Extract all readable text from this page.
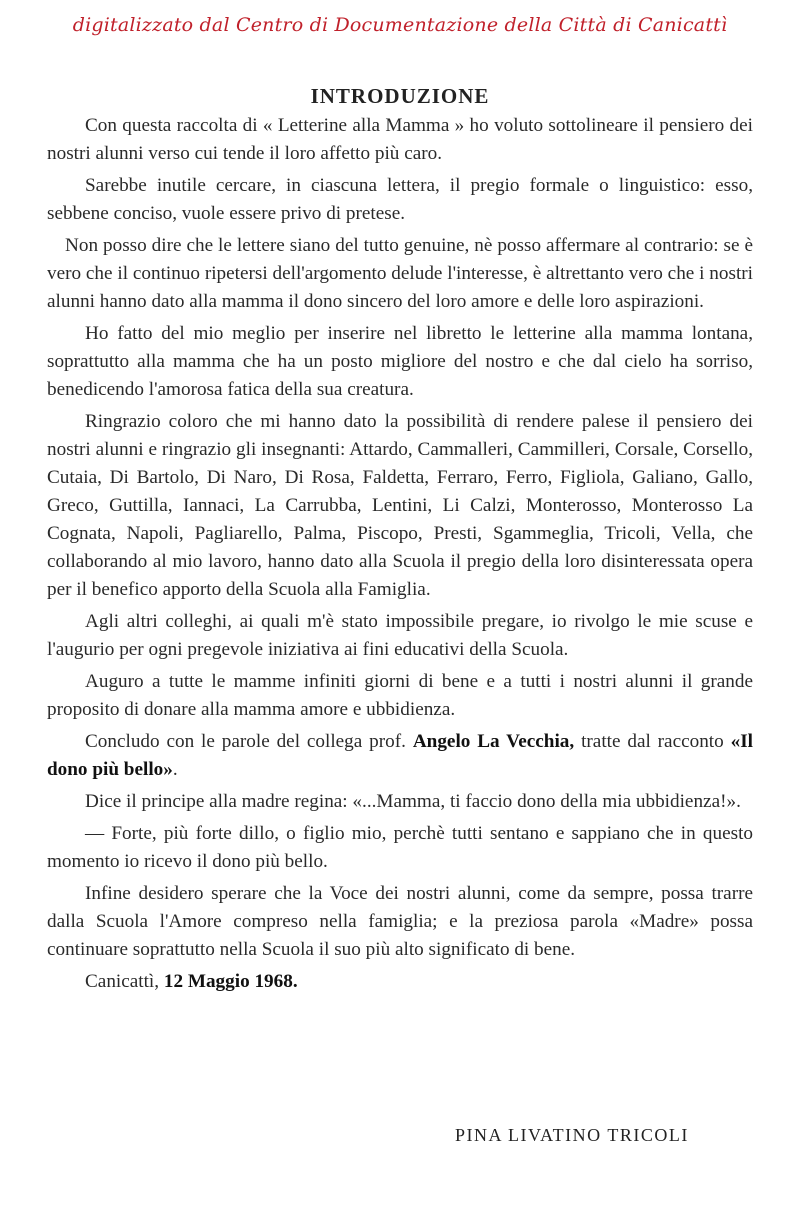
digitalizzato dal Centro di Documentazione della Città di Canicattì
INTRODUZIONE

Con questa raccolta di « Letterine alla Mamma » ho voluto sottolineare il pensiero dei nostri alunni verso cui tende il loro affetto più caro.

Sarebbe inutile cercare, in ciascuna lettera, il pregio formale o linguistico: esso, sebbene conciso, vuole essere privo di pretese.

Non posso dire che le lettere siano del tutto genuine, nè posso affermare al contrario: se è vero che il continuo ripetersi dell'argomento delude l'interesse, è altrettanto vero che i nostri alunni hanno dato alla mamma il dono sincero del loro amore e delle loro aspirazioni.

Ho fatto del mio meglio per inserire nel libretto le letterine alla mamma lontana, soprattutto alla mamma che ha un posto migliore del nostro e che dal cielo ha sorriso, benedicendo l'amorosa fatica della sua creatura.

Ringrazio coloro che mi hanno dato la possibilità di rendere palese il pensiero dei nostri alunni e ringrazio gli insegnanti: Attardo, Cammalleri, Cammilleri, Corsale, Corsello, Cutaia, Di Bartolo, Di Naro, Di Rosa, Faldetta, Ferraro, Ferro, Figliola, Galiano, Gallo, Greco, Guttilla, Iannaci, La Carrubba, Lentini, Li Calzi, Monterosso, Monterosso La Cognata, Napoli, Pagliarello, Palma, Piscopo, Presti, Sgammeglia, Tricoli, Vella, che collaborando al mio lavoro, hanno dato alla Scuola il pregio della loro disinteressata opera per il benefico apporto della Scuola alla Famiglia.

Agli altri colleghi, ai quali m'è stato impossibile pregare, io rivolgo le mie scuse e l'augurio per ogni pregevole iniziativa ai fini educativi della Scuola.

Auguro a tutte le mamme infiniti giorni di bene e a tutti i nostri alunni il grande proposito di donare alla mamma amore e ubbidienza.

Concludo con le parole del collega prof. Angelo La Vecchia, tratte dal racconto «Il dono più bello».

Dice il principe alla madre regina: «...Mamma, ti faccio dono della mia ubbidienza!».

— Forte, più forte dillo, o figlio mio, perchè tutti sentano e sappiano che in questo momento io ricevo il dono più bello.

Infine desidero sperare che la Voce dei nostri alunni, come da sempre, possa trarre dalla Scuola l'Amore compreso nella famiglia; e la preziosa parola «Madre» possa continuare soprattutto nella Scuola il suo più alto significato di bene.

Canicattì, 12 Maggio 1968.

PINA LIVATINO TRICOLI
